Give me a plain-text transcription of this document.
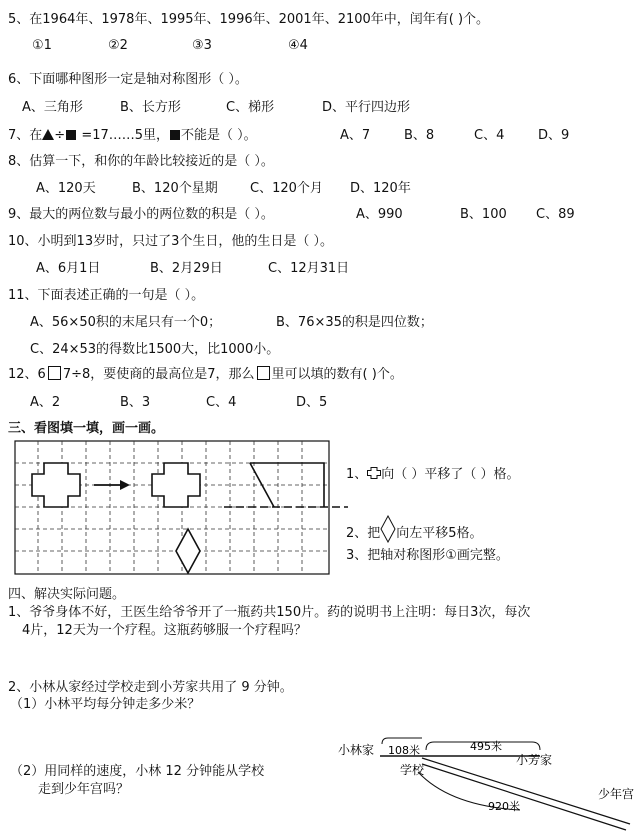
5、在1964年、1978年、1995年、1996年、2001年、2100年中，闰年有( )个。
①1	②2	③3	④4
6、下面哪种图形一定是轴对称图形（ ）。
A、三角形	B、长方形	C、梯形	D、平行四边形
7、在 ÷ =17……5里， 不能是（ ）。	A、7	B、8	C、4	D、9
8、估算一下，和你的年龄比较接近的是（ ）。
A、120天	B、120个星期 C、120个月 D、120年
9、最大的两位数与最小的两位数的积是（ ）。	A、990	B、100 C、89
10、小明到13岁时，只过了3个生日，他的生日是（ ）。
A、6月1日	B、2月29日	C、12月31日
11、下面表述正确的一句是（ ）。
A、56×50积的末尾只有一个0；	B、76×35的积是四位数；
C、24×53的得数比1500大，比1000小。
12、6 7÷8，要使商的最高位是7，那么 里可以填的数有( )个。
A、2	B、3	C、4	D、5
三、看图填一填，画一画。
1、 向（ ）平移了（ ）格。
2、把 向左平移5格。
3、把轴对称图形①画完整。
四、解决实际问题。
1、爷爷身体不好，王医生给爷爷开了一瓶药共150片。药的说明书上注明：每日3次，每次
4片，12天为一个疗程。这瓶药够服一个疗程吗？
2、小林从家经过学校走到小芳家共用了 9 分钟。
（1）小林平均每分钟走多少米？
（2）用同样的速度，小林 12 分钟能从学校
走到少年宫吗？
小林家 108米	495米
学校
小芳家
920米
少年宫
